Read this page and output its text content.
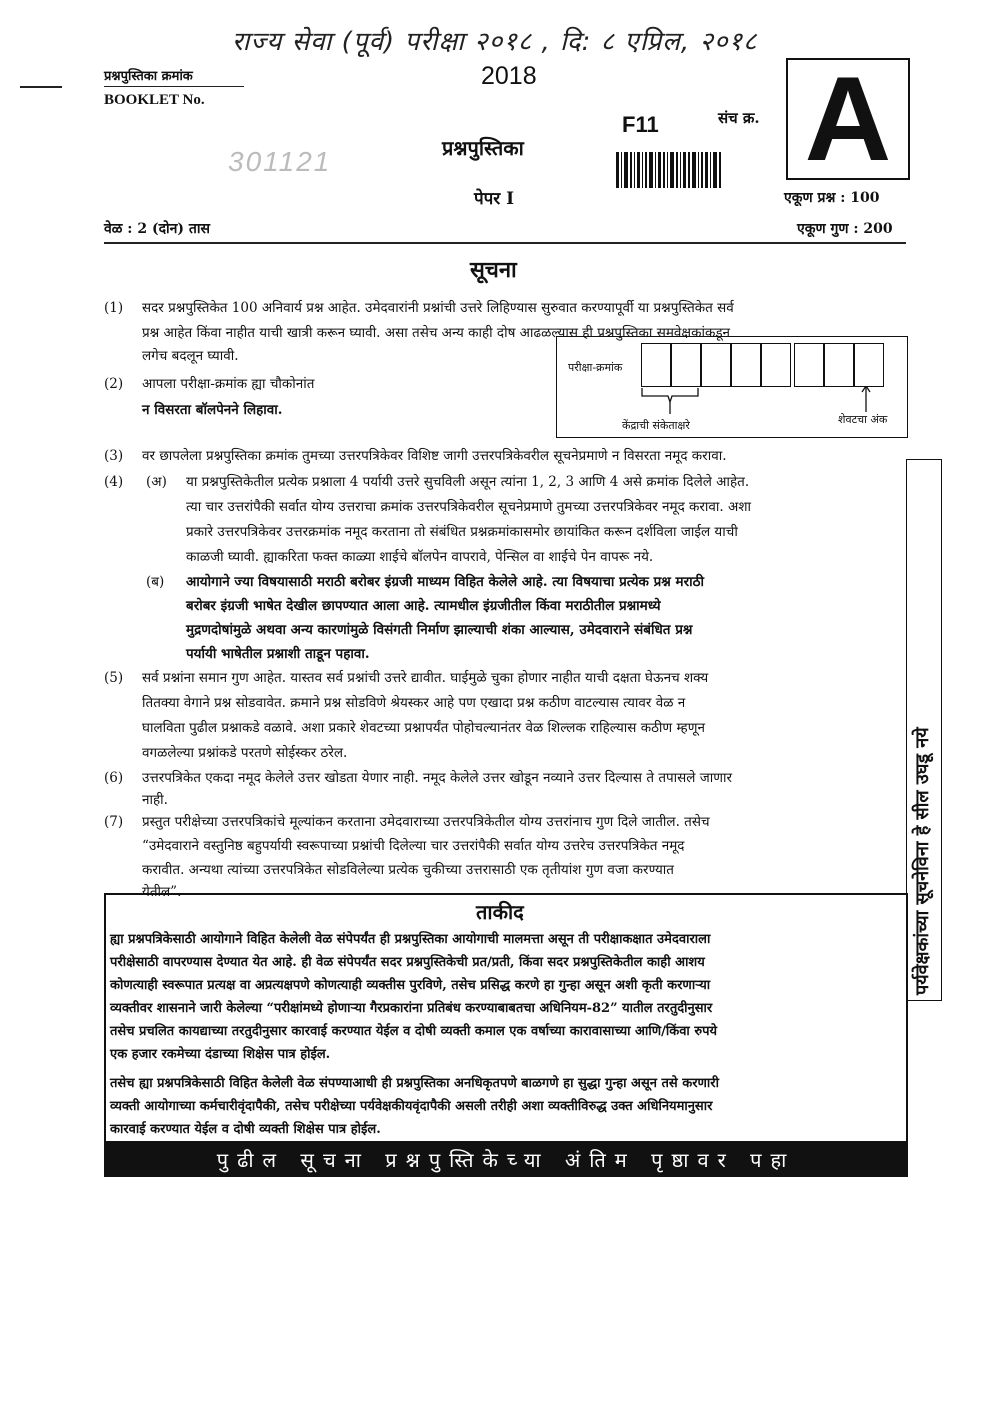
राज्य सेवा (पूर्व) परीक्षा २०१८ , दि: ८ एप्रिल, २०१८
प्रश्नपुस्तिका क्रमांक
BOOKLET No.
301121
2018
प्रश्नपुस्तिका
पेपर I
F11	संच क्र. A
एकूण प्रश्न : 100
वेळ : 2 (दोन) तास	एकूण गुण : 200
सूचना
(1) सदर प्रश्नपुस्तिकेत 100 अनिवार्य प्रश्न आहेत. उमेदवारांनी प्रश्नांची उत्तरे लिहिण्यास सुरुवात करण्यापूर्वी या प्रश्नपुस्तिकेत सर्व
प्रश्न आहेत किंवा नाहीत याची खात्री करून घ्यावी. असा तसेच अन्य काही दोष आढळल्यास ही प्रश्नपुस्तिका समवेक्षकांकडून
लगेच बदलून घ्यावी.
(2) आपला परीक्षा-क्रमांक ह्या चौकोनांत
न विसरता बॉलपेनने लिहावा.
परीक्षा-क्रमांक
केंद्राची संकेताक्षरे	शेवटचा अंक
(3) वर छापलेला प्रश्नपुस्तिका क्रमांक तुमच्या उत्तरपत्रिकेवर विशिष्ट जागी उत्तरपत्रिकेवरील सूचनेप्रमाणे न विसरता नमूद करावा.
(4) (अ) या प्रश्नपुस्तिकेतील प्रत्येक प्रश्नाला 4 पर्यायी उत्तरे सुचविली असून त्यांना 1, 2, 3 आणि 4 असे क्रमांक दिलेले आहेत.
त्या चार उत्तरांपैकी सर्वात योग्य उत्तराचा क्रमांक उत्तरपत्रिकेवरील सूचनेप्रमाणे तुमच्या उत्तरपत्रिकेवर नमूद करावा. अशा
प्रकारे उत्तरपत्रिकेवर उत्तरक्रमांक नमूद करताना तो संबंधित प्रश्नक्रमांकासमोर छायांकित करून दर्शविला जाईल याची
काळजी घ्यावी. ह्याकरिता फक्त काळ्या शाईचे बॉलपेन वापरावे, पेन्सिल वा शाईचे पेन वापरू नये.
(ब) आयोगाने ज्या विषयासाठी मराठी बरोबर इंग्रजी माध्यम विहित केलेले आहे. त्या विषयाचा प्रत्येक प्रश्न मराठी
बरोबर इंग्रजी भाषेत देखील छापण्यात आला आहे. त्यामधील इंग्रजीतील किंवा मराठीतील प्रश्नामध्ये
मुद्रणदोषांमुळे अथवा अन्य कारणांमुळे विसंगती निर्माण झाल्याची शंका आल्यास, उमेदवाराने संबंधित प्रश्न
पर्यायी भाषेतील प्रश्नाशी ताडून पहावा.
(5) सर्व प्रश्नांना समान गुण आहेत. यास्तव सर्व प्रश्नांची उत्तरे द्यावीत. घाईमुळे चुका होणार नाहीत याची दक्षता घेऊनच शक्य
तितक्या वेगाने प्रश्न सोडवावेत. क्रमाने प्रश्न सोडविणे श्रेयस्कर आहे पण एखादा प्रश्न कठीण वाटल्यास त्यावर वेळ न
घालविता पुढील प्रश्नाकडे वळावे. अशा प्रकारे शेवटच्या प्रश्नापर्यंत पोहोचल्यानंतर वेळ शिल्लक राहिल्यास कठीण म्हणून
वगळलेल्या प्रश्नांकडे परतणे सोईस्कर ठरेल.
(6) उत्तरपत्रिकेत एकदा नमूद केलेले उत्तर खोडता येणार नाही. नमूद केलेले उत्तर खोडून नव्याने उत्तर दिल्यास ते तपासले जाणार
नाही.
(7) प्रस्तुत परीक्षेच्या उत्तरपत्रिकांचे मूल्यांकन करताना उमेदवाराच्या उत्तरपत्रिकेतील योग्य उत्तरांनाच गुण दिले जातील. तसेच
“उमेदवाराने वस्तुनिष्ठ बहुपर्यायी स्वरूपाच्या प्रश्नांची दिलेल्या चार उत्तरांपैकी सर्वात योग्य उत्तरेच उत्तरपत्रिकेत नमूद
करावीत. अन्यथा त्यांच्या उत्तरपत्रिकेत सोडविलेल्या प्रत्येक चुकीच्या उत्तरासाठी एक तृतीयांश गुण वजा करण्यात
येतील”.
ताकीद
ह्या प्रश्नपत्रिकेसाठी आयोगाने विहित केलेली वेळ संपेपर्यंत ही प्रश्नपुस्तिका आयोगाची मालमत्ता असून ती परीक्षाकक्षात उमेदवाराला
परीक्षेसाठी वापरण्यास देण्यात येत आहे. ही वेळ संपेपर्यंत सदर प्रश्नपुस्तिकेची प्रत/प्रती, किंवा सदर प्रश्नपुस्तिकेतील काही आशय
कोणत्याही स्वरूपात प्रत्यक्ष वा अप्रत्यक्षपणे कोणत्याही व्यक्तीस पुरविणे, तसेच प्रसिद्ध करणे हा गुन्हा असून अशी कृती करणाऱ्या
व्यक्तीवर शासनाने जारी केलेल्या “परीक्षांमध्ये होणाऱ्या गैरप्रकारांना प्रतिबंध करण्याबाबतचा अधिनियम-82” यातील तरतुदीनुसार
तसेच प्रचलित कायद्याच्या तरतुदीनुसार कारवाई करण्यात येईल व दोषी व्यक्ती कमाल एक वर्षाच्या कारावासाच्या आणि/किंवा रुपये
एक हजार रकमेच्या दंडाच्या शिक्षेस पात्र होईल.
तसेच ह्या प्रश्नपत्रिकेसाठी विहित केलेली वेळ संपण्याआधी ही प्रश्नपुस्तिका अनधिकृतपणे बाळगणे हा सुद्धा गुन्हा असून तसे करणारी
व्यक्ती आयोगाच्या कर्मचारीवृंदापैकी, तसेच परीक्षेच्या पर्यवेक्षकीयवृंदापैकी असली तरीही अशा व्यक्तीविरुद्ध उक्त अधिनियमानुसार
कारवाई करण्यात येईल व दोषी व्यक्ती शिक्षेस पात्र होईल.
पुढील सूचना प्रश्नपुस्तिकेच्या अंतिम पृष्ठावर पहा
पर्यवेक्षकांच्या सूचनेविना हे सील उघडू नये
